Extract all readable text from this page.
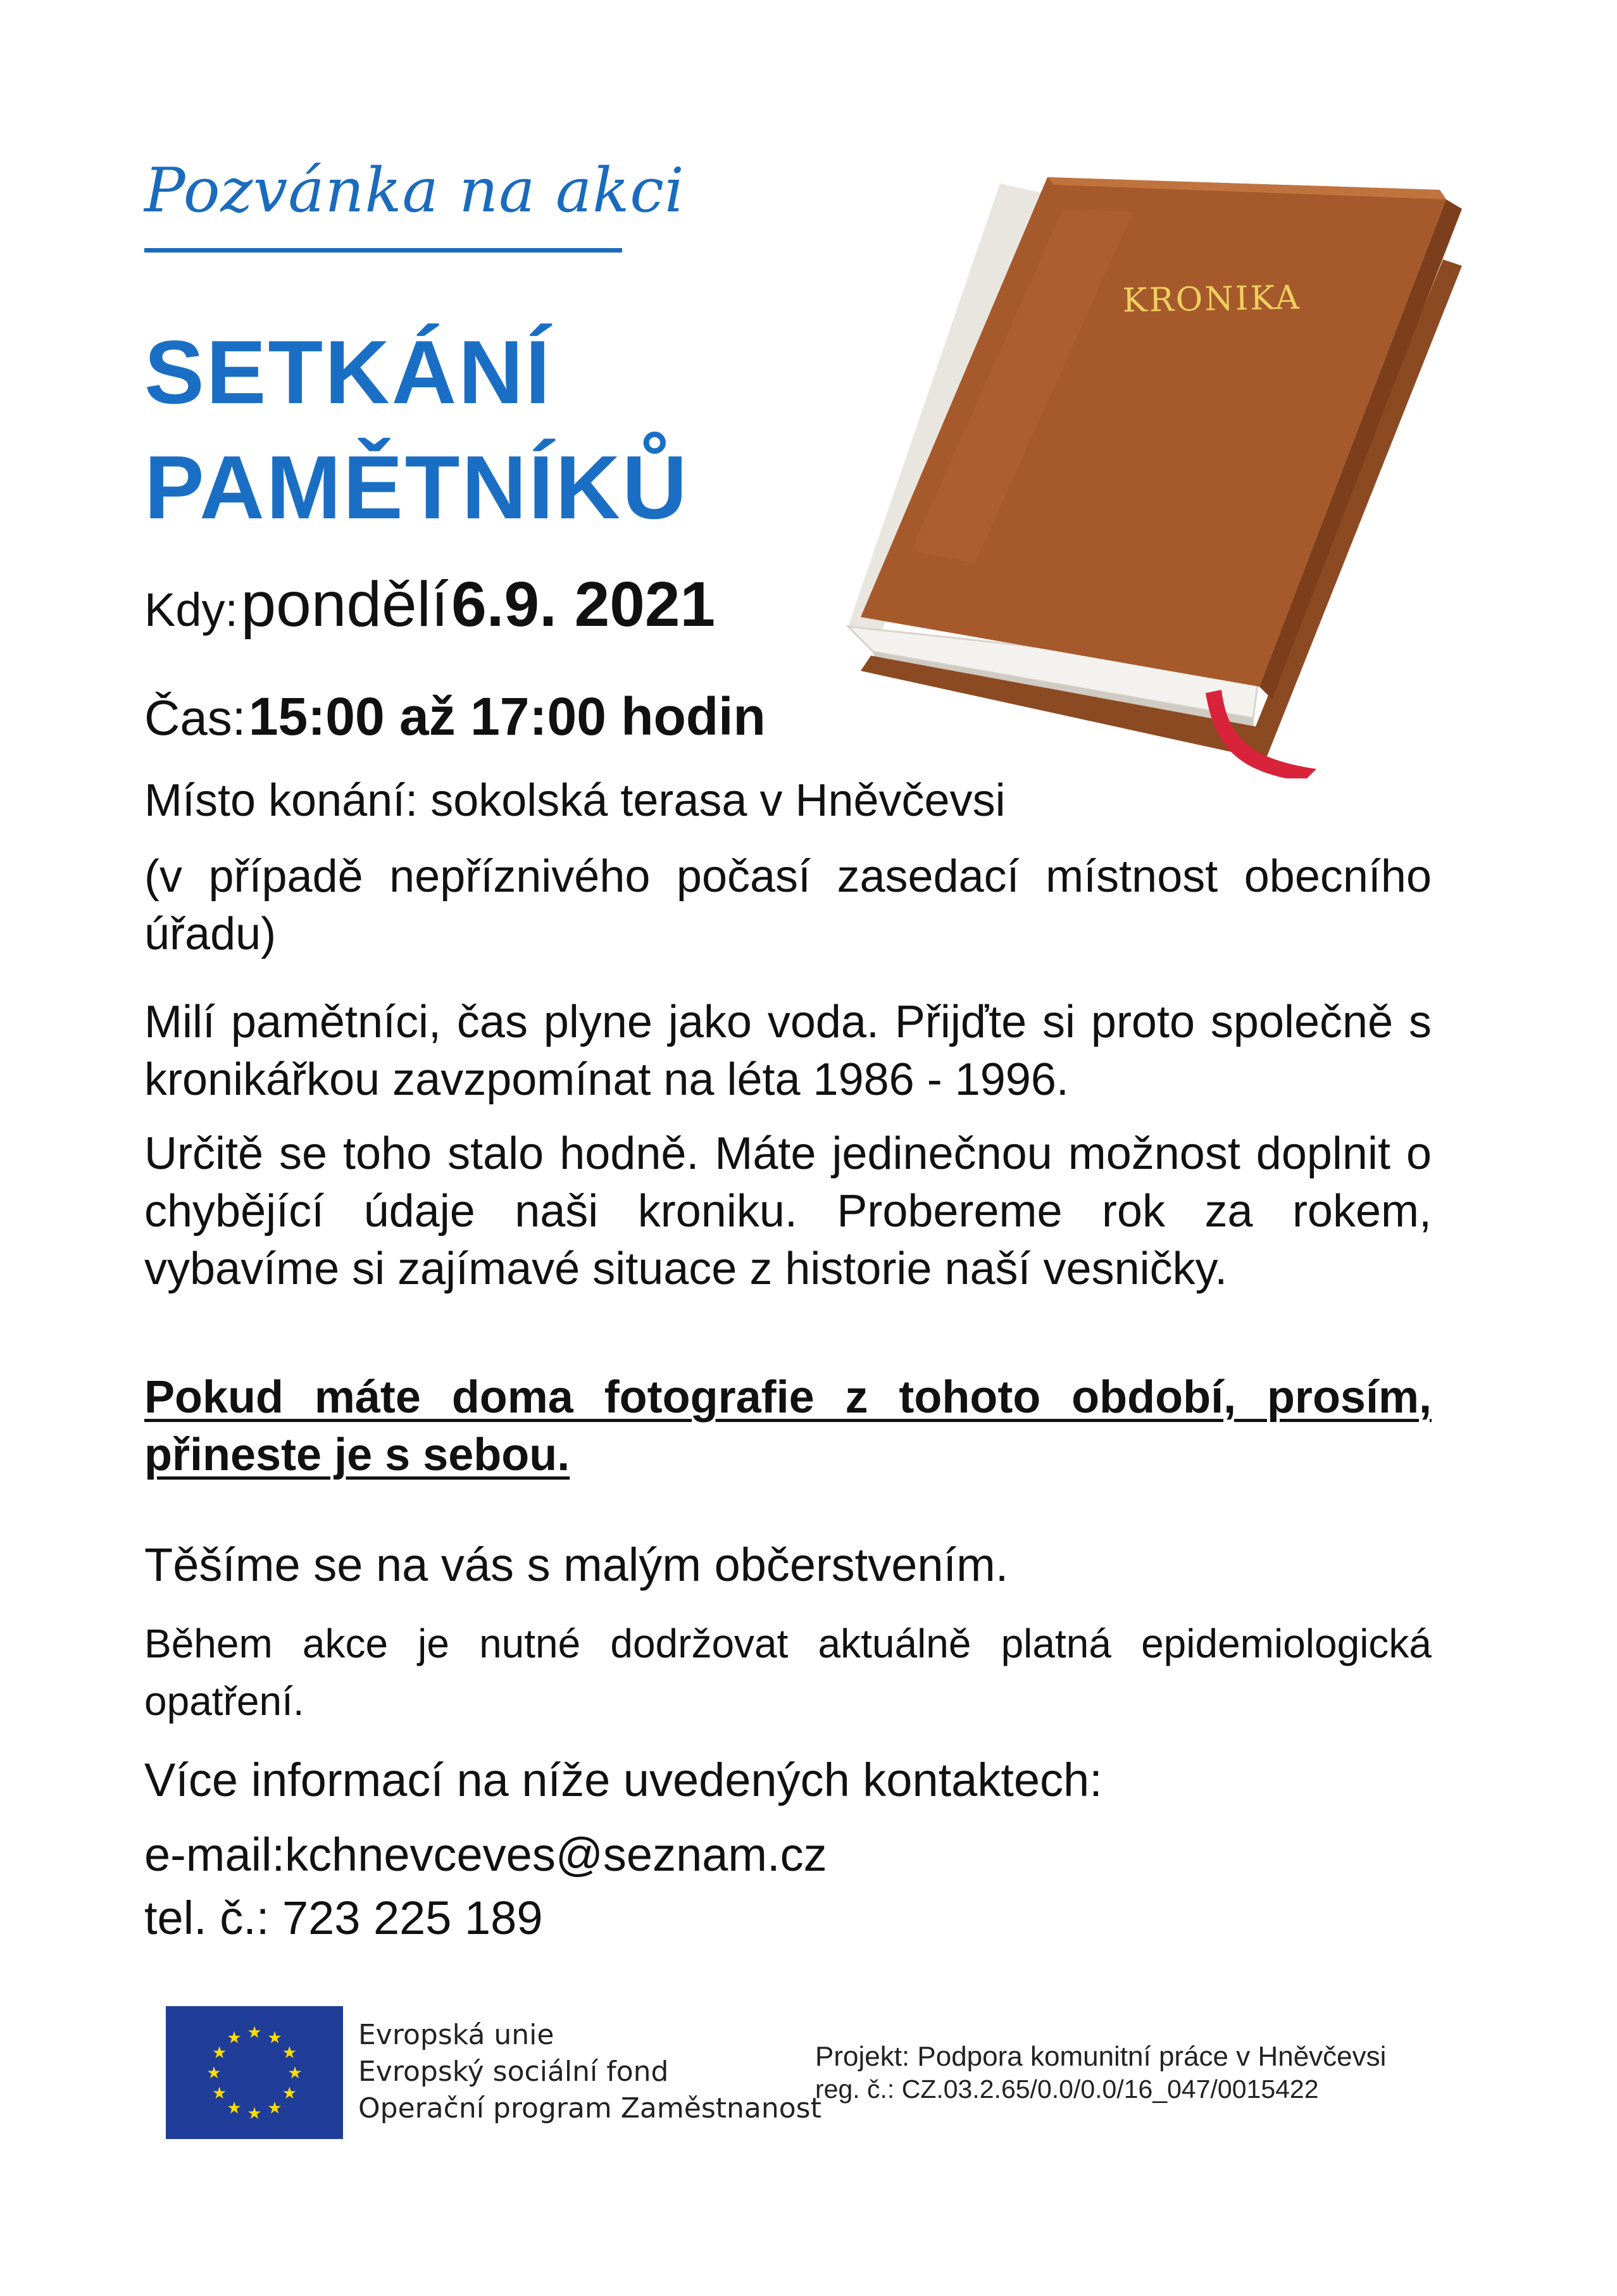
Pozvánka na akci
SETKÁNÍ
PAMĚTNÍKŮ
KRONIKA
Kdy: pondělí 6.9. 2021
Čas: 15:00 až 17:00 hodin
Místo konání: sokolská terasa v Hněvčevsi
(v případě nepříznivého počasí zasedací místnost obecního úřadu)
Milí pamětníci, čas plyne jako voda. Přijďte si proto společně s kronikářkou zavzpomínat na léta 1986 - 1996.
Určitě se toho stalo hodně. Máte jedinečnou možnost doplnit o chybějící údaje naši kroniku. Probereme rok za rokem, vybavíme si zajímavé situace z historie naší vesničky.
Pokud máte doma fotografie z tohoto období, prosím, přineste je s sebou.
Těšíme se na vás s malým občerstvením.
Během akce je nutné dodržovat aktuálně platná epidemiologická opatření.
Více informací na níže uvedených kontaktech:
e-mail:kchnevceves@seznam.cz
tel. č.: 723 225 189
★ ★
★
★
★
★
★
★
★
★
★
★	Evropská unie
Evropský sociální fond
Operační program Zaměstnanost
Projekt: Podpora komunitní práce v Hněvčevsi
reg. č.: CZ.03.2.65/0.0/0.0/16_047/0015422
